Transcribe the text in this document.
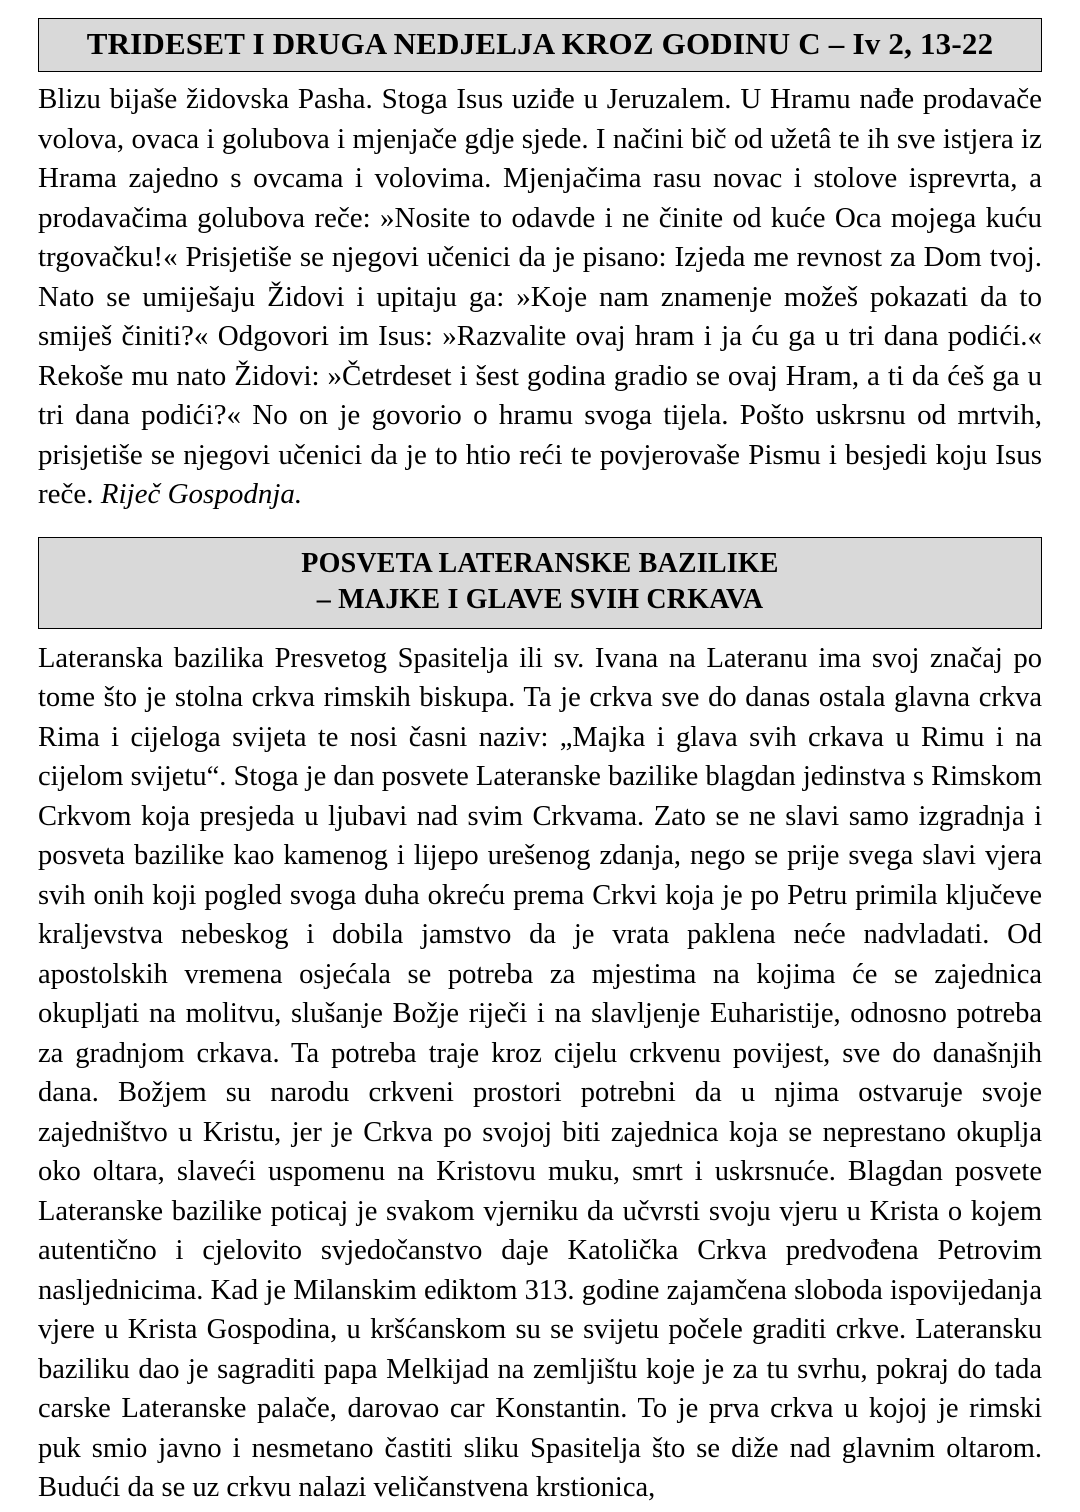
TRIDESET I DRUGA NEDJELJA KROZ GODINU C – Iv 2, 13-22

Blizu bijaše židovska Pasha. Stoga Isus uziđe u Jeruzalem. U Hramu nađe prodavače volova, ovaca i golubova i mjenjače gdje sjede. I načini bič od užetâ te ih sve istjera iz Hrama zajedno s ovcama i volovima. Mjenjačima rasu novac i stolove isprevrta, a prodavačima golubova reče: »Nosite to odavde i ne činite od kuće Oca mojega kuću trgovačku!« Prisjetiše se njegovi učenici da je pisano: Izjeda me revnost za Dom tvoj. Nato se umiješaju Židovi i upitaju ga: »Koje nam znamenje možeš pokazati da to smiješ činiti?« Odgovori im Isus: »Razvalite ovaj hram i ja ću ga u tri dana podići.« Rekoše mu nato Židovi: »Četrdeset i šest godina gradio se ovaj Hram, a ti da ćeš ga u tri dana podići?« No on je govorio o hramu svoga tijela. Pošto uskrsnu od mrtvih, prisjetiše se njegovi učenici da je to htio reći te povjerovaše Pismu i besjedi koju Isus reče. Riječ Gospodnja.

POSVETA LATERANSKE BAZILIKE
– MAJKE I GLAVE SVIH CRKAVA

Lateranska bazilika Presvetog Spasitelja ili sv. Ivana na Lateranu ima svoj značaj po tome što je stolna crkva rimskih biskupa. Ta je crkva sve do danas ostala glavna crkva Rima i cijeloga svijeta te nosi časni naziv: „Majka i glava svih crkava u Rimu i na cijelom svijetu“. Stoga je dan posvete Lateranske bazilike blagdan jedinstva s Rimskom Crkvom koja presjeda u ljubavi nad svim Crkvama. Zato se ne slavi samo izgradnja i posveta bazilike kao kamenog i lijepo urešenog zdanja, nego se prije svega slavi vjera svih onih koji pogled svoga duha okreću prema Crkvi koja je po Petru primila ključeve kraljevstva nebeskog i dobila jamstvo da je vrata paklena neće nadvladati. Od apostolskih vremena osjećala se potreba za mjestima na kojima će se zajednica okupljati na molitvu, slušanje Božje riječi i na slavljenje Euharistije, odnosno potreba za gradnjom crkava. Ta potreba traje kroz cijelu crkvenu povijest, sve do današnjih dana. Božjem su narodu crkveni prostori potrebni da u njima ostvaruje svoje zajedništvo u Kristu, jer je Crkva po svojoj biti zajednica koja se neprestano okuplja oko oltara, slaveći uspomenu na Kristovu muku, smrt i uskrsnuće. Blagdan posvete Lateranske bazilike poticaj je svakom vjerniku da učvrsti svoju vjeru u Krista o kojem autentično i cjelovito svjedočanstvo daje Katolička Crkva predvođena Petrovim nasljednicima. Kad je Milanskim ediktom 313. godine zajamčena sloboda ispovijedanja vjere u Krista Gospodina, u kršćanskom su se svijetu počele graditi crkve. Lateransku baziliku dao je sagraditi papa Melkijad na zemljištu koje je za tu svrhu, pokraj do tada carske Lateranske palače, darovao car Konstantin. To je prva crkva u kojoj je rimski puk smio javno i nesmetano častiti sliku Spasitelja što se diže nad glavnim oltarom. Budući da se uz crkvu nalazi veličanstvena krstionica,
